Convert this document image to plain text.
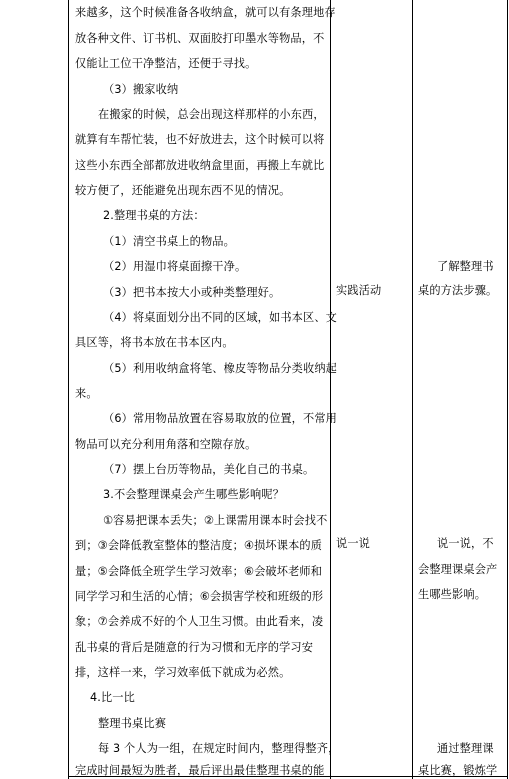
来越多，这个时候准备各收纳盒，就可以有条理地存
放各种文件、订书机、双面胶打印墨水等物品，不
仅能让工位干净整洁，还便于寻找。
（3）搬家收纳
在搬家的时候，总会出现这样那样的小东西，
就算有车帮忙装，也不好放进去，这个时候可以将
这些小东西全部都放进收纳盒里面，再搬上车就比
较方便了，还能避免出现东西不见的情况。
2.整理书桌的方法：
（1）清空书桌上的物品。
（2）用湿巾将桌面擦干净。
（3）把书本按大小或种类整理好。
（4）将桌面划分出不同的区域，如书本区、文
具区等，将书本放在书本区内。
（5）利用收纳盒将笔、橡皮等物品分类收纳起
来。
（6）常用物品放置在容易取放的位置，不常用
物品可以充分利用角落和空隙存放。
（7）摆上台历等物品，美化自己的书桌。
3.不会整理课桌会产生哪些影响呢？
①容易把课本丢失；②上课需用课本时会找不
到；③会降低教室整体的整洁度；④损坏课本的质
量；⑤会降低全班学生学习效率；⑥会破坏老师和
同学学习和生活的心情；⑥会损害学校和班级的形
象；⑦会养成不好的个人卫生习惯。由此看来，凌
乱书桌的背后是随意的行为习惯和无序的学习安
排，这样一来，学习效率低下就成为必然。
4.比一比
整理书桌比赛
每 3 个人为一组，在规定时间内，整理得整齐，
完成时间最短为胜者，最后评出最佳整理书桌的能
实践活动
说一说
了解整理书
桌的方法步骤。
说一说，不
会整理课桌会产
生哪些影响。
通过整理课
桌比赛，锻炼学
